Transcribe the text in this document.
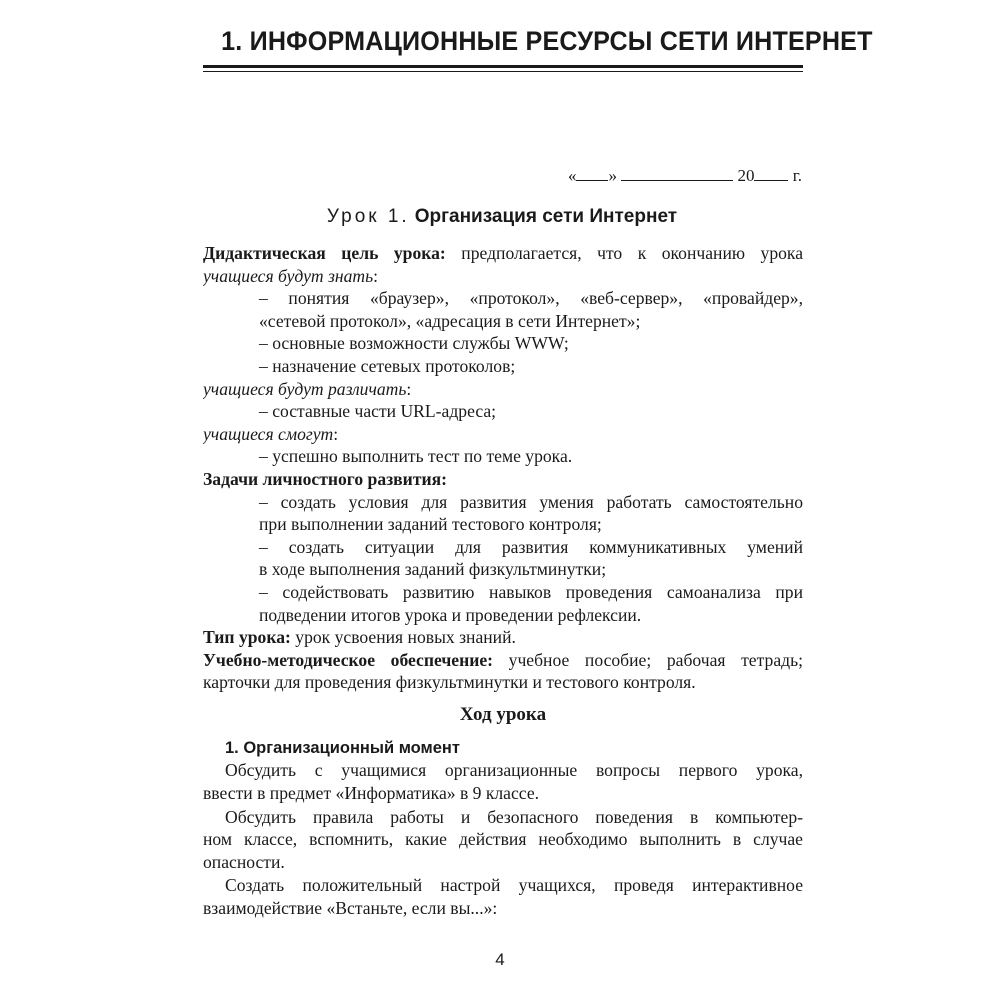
1. ИНФОРМАЦИОННЫЕ РЕСУРСЫ СЕТИ ИНТЕРНЕТ
« »	20 г.
Урок 1. Организация сети Интернет
Дидактическая цель урока: предполагается, что к окончанию урока
учащиеся будут знать:
– понятия «браузер», «протокол», «веб-сервер», «провайдер»,
«сетевой протокол», «адресация в сети Интернет»;
– основные возможности службы WWW;
– назначение сетевых протоколов;
учащиеся будут различать:
– составные части URL-адреса;
учащиеся смогут:
– успешно выполнить тест по теме урока.
Задачи личностного развития:
– создать условия для развития умения работать самостоятельно
при выполнении заданий тестового контроля;
– создать ситуации для развития коммуникативных умений
в ходе выполнения заданий физкультминутки;
– содействовать развитию навыков проведения самоанализа при
подведении итогов урока и проведении рефлексии.
Тип урока: урок усвоения новых знаний.
Учебно-методическое обеспечение: учебное пособие; рабочая тетрадь;
карточки для проведения физкультминутки и тестового контроля.
Ход урока
1. Организационный момент
Обсудить с учащимися организационные вопросы первого урока,
ввести в предмет «Информатика» в 9 классе.
Обсудить правила работы и безопасного поведения в компьютер-
ном классе, вспомнить, какие действия необходимо выполнить в случае
опасности.
Создать положительный настрой учащихся, проведя интерактивное
взаимодействие «Встаньте, если вы...»:
4
